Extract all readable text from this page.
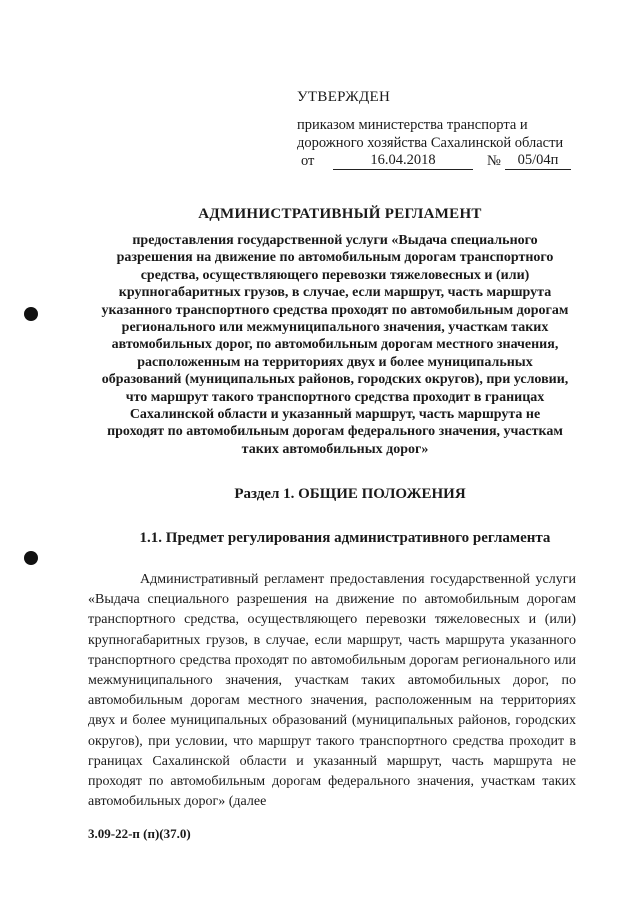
УТВЕРЖДЕН
приказом министерства транспорта и
дорожного хозяйства Сахалинской области
от	16.04.2018	№	05/04п
АДМИНИСТРАТИВНЫЙ РЕГЛАМЕНТ
предоставления государственной услуги «Выдача специального разрешения на движение по автомобильным дорогам транспортного средства, осуществляющего перевозки тяжеловесных и (или) крупногабаритных грузов, в случае, если маршрут, часть маршрута указанного транспортного средства проходят по автомобильным дорогам регионального или межмуниципального значения, участкам таких автомобильных дорог, по автомобильным дорогам местного значения, расположенным на территориях двух и более муниципальных образований (муниципальных районов, городских округов), при условии, что маршрут такого транспортного средства проходит в границах Сахалинской области и указанный маршрут, часть маршрута не проходят по автомобильным дорогам федерального значения, участкам таких автомобильных дорог»
Раздел 1. ОБЩИЕ ПОЛОЖЕНИЯ
1.1. Предмет регулирования административного регламента

Административный регламент предоставления государственной услуги «Выдача специального разрешения на движение по автомобильным дорогам транспортного средства, осуществляющего перевозки тяжеловесных и (или) крупногабаритных грузов, в случае, если маршрут, часть маршрута указанного транспортного средства проходят по автомобильным дорогам регионального или межмуниципального значения, участкам таких автомобильных дорог, по автомобильным дорогам местного значения, расположенным на территориях двух и более муниципальных образований (муниципальных районов, городских округов), при условии, что маршрут такого транспортного средства проходит в границах Сахалинской области и указанный маршрут, часть маршрута не проходят по автомобильным дорогам федерального значения, участкам таких автомобильных дорог» (далее

3.09-22-п (п)(37.0)
